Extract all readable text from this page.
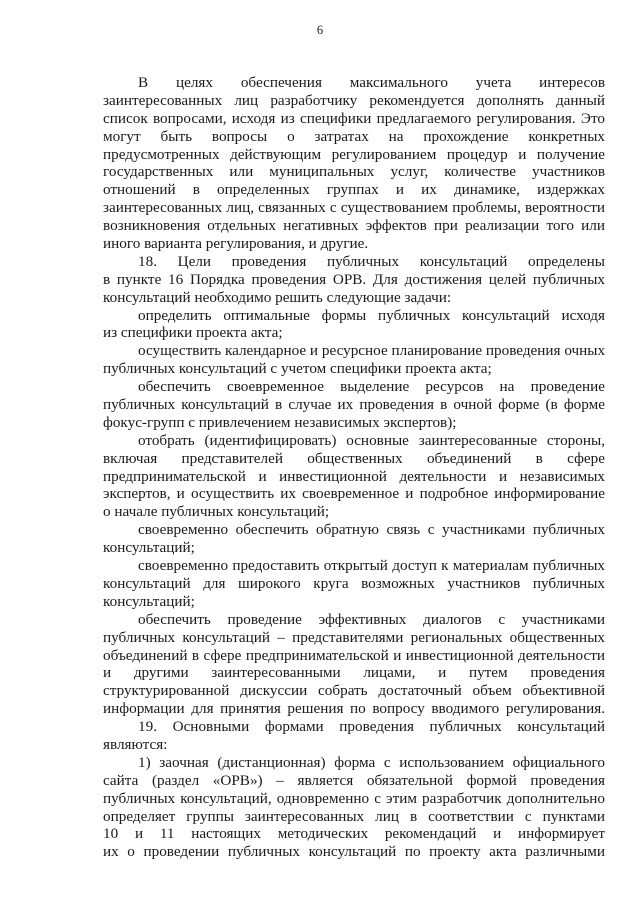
6
В целях обеспечения максимального учета интересов
заинтересованных лиц разработчику рекомендуется дополнять данный
список вопросами, исходя из специфики предлагаемого регулирования. Это
могут быть вопросы о затратах на прохождение конкретных
предусмотренных действующим регулированием процедур и получение
государственных или муниципальных услуг, количестве участников
отношений в определенных группах и их динамике, издержках
заинтересованных лиц, связанных с существованием проблемы, вероятности
возникновения отдельных негативных эффектов при реализации того или
иного варианта регулирования, и другие.
18. Цели проведения публичных консультаций определены
в пункте 16 Порядка проведения ОРВ. Для достижения целей публичных
консультаций необходимо решить следующие задачи:
определить оптимальные формы публичных консультаций исходя
из специфики проекта акта;
осуществить календарное и ресурсное планирование проведения очных
публичных консультаций с учетом специфики проекта акта;
обеспечить своевременное выделение ресурсов на проведение
публичных консультаций в случае их проведения в очной форме (в форме
фокус-групп с привлечением независимых экспертов);
отобрать (идентифицировать) основные заинтересованные стороны,
включая представителей общественных объединений в сфере
предпринимательской и инвестиционной деятельности и независимых
экспертов, и осуществить их своевременное и подробное информирование
о начале публичных консультаций;
своевременно обеспечить обратную связь с участниками публичных
консультаций;
своевременно предоставить открытый доступ к материалам публичных
консультаций для широкого круга возможных участников публичных
консультаций;
обеспечить проведение эффективных диалогов с участниками
публичных консультаций – представителями региональных общественных
объединений в сфере предпринимательской и инвестиционной деятельности
и другими заинтересованными лицами, и путем проведения
структурированной дискуссии собрать достаточный объем объективной
информации для принятия решения по вопросу вводимого регулирования.
19. Основными формами проведения публичных консультаций
являются:
1) заочная (дистанционная) форма с использованием официального
сайта (раздел «ОРВ») – является обязательной формой проведения
публичных консультаций, одновременно с этим разработчик дополнительно
определяет группы заинтересованных лиц в соответствии с пунктами
10 и 11 настоящих методических рекомендаций и информирует
их о проведении публичных консультаций по проекту акта различными
